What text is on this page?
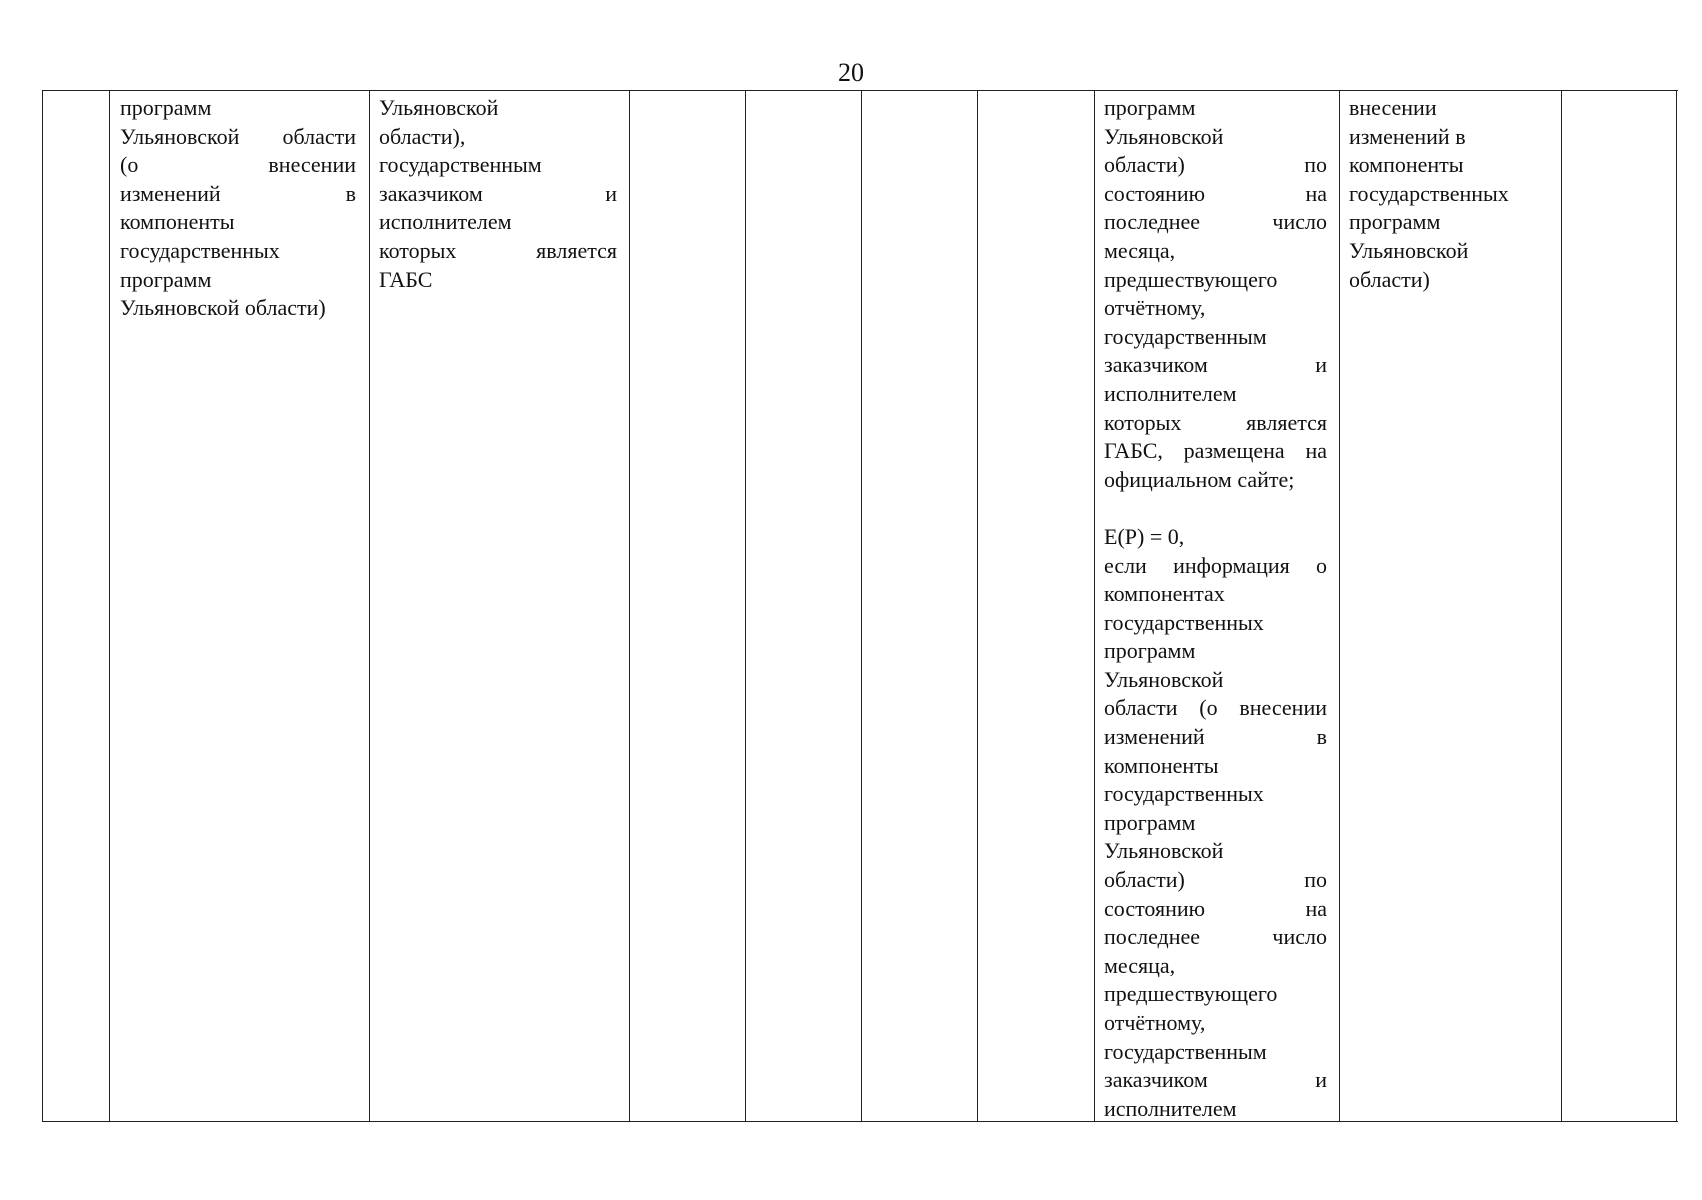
20

программ

Ульяновской области

(о внесении

изменений в

компоненты

государственных

программ

Ульяновской области)

Ульяновской

области),

государственным

заказчиком и

исполнителем

которых является

ГАБС

программ

Ульяновской

области) по

состоянию на

последнее число

месяца,

предшествующего

отчётному,

государственным

заказчиком и

исполнителем

которых является

ГАБС, размещена на

официальном сайте;

Е(Р) = 0,

если информация о

компонентах

государственных

программ

Ульяновской

области (о внесении

изменений в

компоненты

государственных

программ

Ульяновской

области) по

состоянию на

последнее число

месяца,

предшествующего

отчётному,

государственным

заказчиком и

исполнителем

внесении

изменений в

компоненты

государственных

программ

Ульяновской

области)
